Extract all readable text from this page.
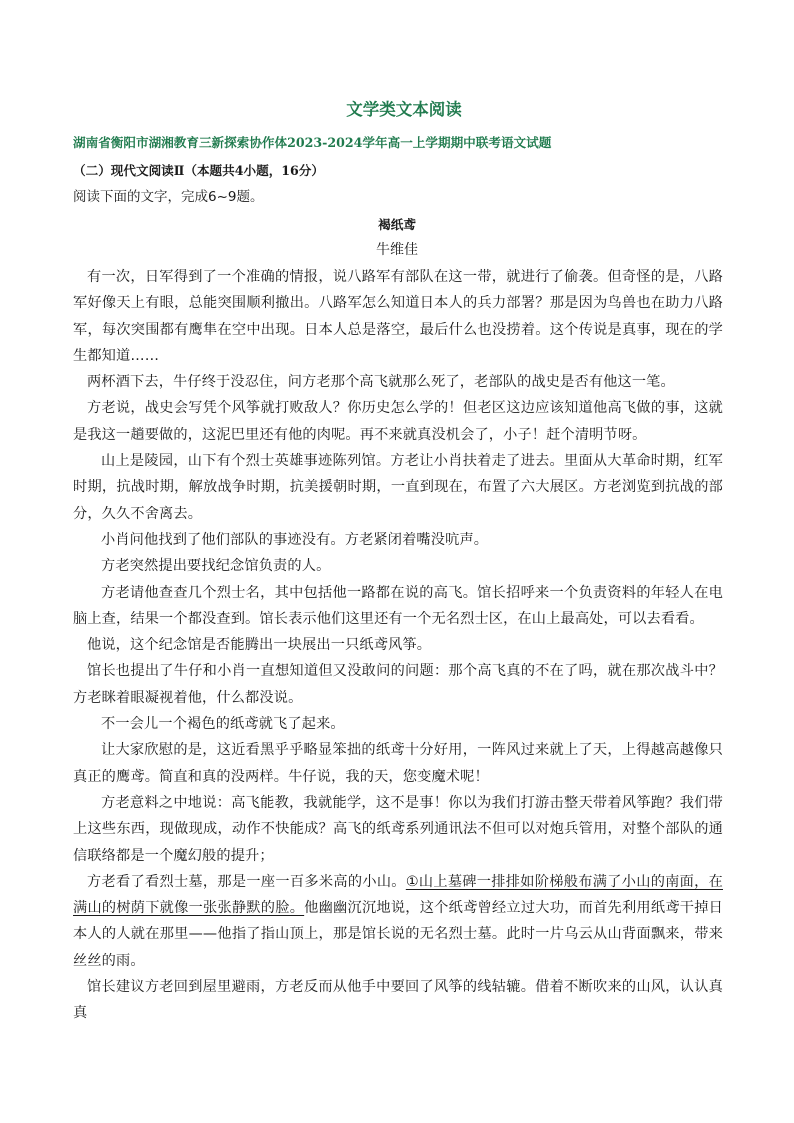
文学类文本阅读
湖南省衡阳市湖湘教育三新探索协作体2023-2024学年高一上学期期中联考语文试题
（二）现代文阅读Ⅱ（本题共4小题，16分）
阅读下面的文字，完成6~9题。
褐纸鸢
牛维佳

有一次，日军得到了一个准确的情报，说八路军有部队在这一带，就进行了偷袭。但奇怪的是，八路军好像天上有眼，总能突围顺利撤出。八路军怎么知道日本人的兵力部署？那是因为鸟兽也在助力八路军，每次突围都有鹰隼在空中出现。日本人总是落空，最后什么也没捞着。这个传说是真事，现在的学生都知道……

两杯酒下去，牛仔终于没忍住，问方老那个高飞就那么死了，老部队的战史是否有他这一笔。

方老说，战史会写凭个风筝就打败敌人？你历史怎么学的！但老区这边应该知道他高飞做的事，这就是我这一趟要做的，这泥巴里还有他的肉呢。再不来就真没机会了，小子！赶个清明节呀。

山上是陵园，山下有个烈士英雄事迹陈列馆。方老让小肖扶着走了进去。里面从大革命时期，红军时期，抗战时期，解放战争时期，抗美援朝时期，一直到现在，布置了六大展区。方老浏览到抗战的部分，久久不舍离去。

小肖问他找到了他们部队的事迹没有。方老紧闭着嘴没吭声。

方老突然提出要找纪念馆负责的人。

方老请他查查几个烈士名，其中包括他一路都在说的高飞。馆长招呼来一个负责资料的年轻人在电脑上查，结果一个都没查到。馆长表示他们这里还有一个无名烈士区，在山上最高处，可以去看看。

他说，这个纪念馆是否能腾出一块展出一只纸鸢风筝。

馆长也提出了牛仔和小肖一直想知道但又没敢问的问题：那个高飞真的不在了吗，就在那次战斗中？方老眯着眼凝视着他，什么都没说。

不一会儿一个褐色的纸鸢就飞了起来。

让大家欣慰的是，这近看黑乎乎略显笨拙的纸鸢十分好用，一阵风过来就上了天，上得越高越像只真正的鹰鸢。简直和真的没两样。牛仔说，我的天，您变魔术呢！

方老意料之中地说：高飞能教，我就能学，这不是事！你以为我们打游击整天带着风筝跑？我们带上这些东西，现做现成，动作不快能成？高飞的纸鸢系列通讯法不但可以对炮兵管用，对整个部队的通信联络都是一个魔幻般的提升；

方老看了看烈士墓，那是一座一百多米高的小山。①山上墓碑一排排如阶梯般布满了小山的南面，在满山的树荫下就像一张张静默的脸。他幽幽沉沉地说，这个纸鸢曾经立过大功，而首先利用纸鸢干掉日本人的人就在那里——他指了指山顶上，那是馆长说的无名烈士墓。此时一片乌云从山背面飘来，带来丝丝的雨。

馆长建议方老回到屋里避雨，方老反而从他手中要回了风筝的线轱辘。借着不断吹来的山风，认认真真
